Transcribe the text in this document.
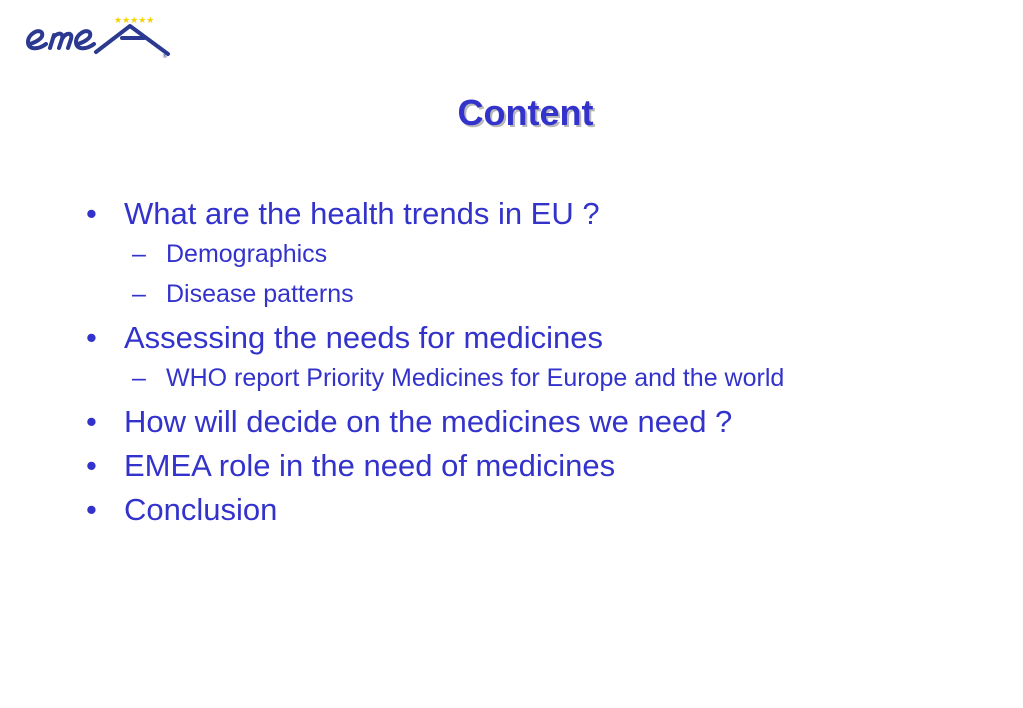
★★★★★
®
Content
• What are the health trends in EU ?
– Demographics
– Disease patterns
• Assessing the needs for medicines
– WHO report Priority Medicines for Europe and the world
• How will decide on the medicines we need ?
• EMEA role in the need of medicines
• Conclusion
